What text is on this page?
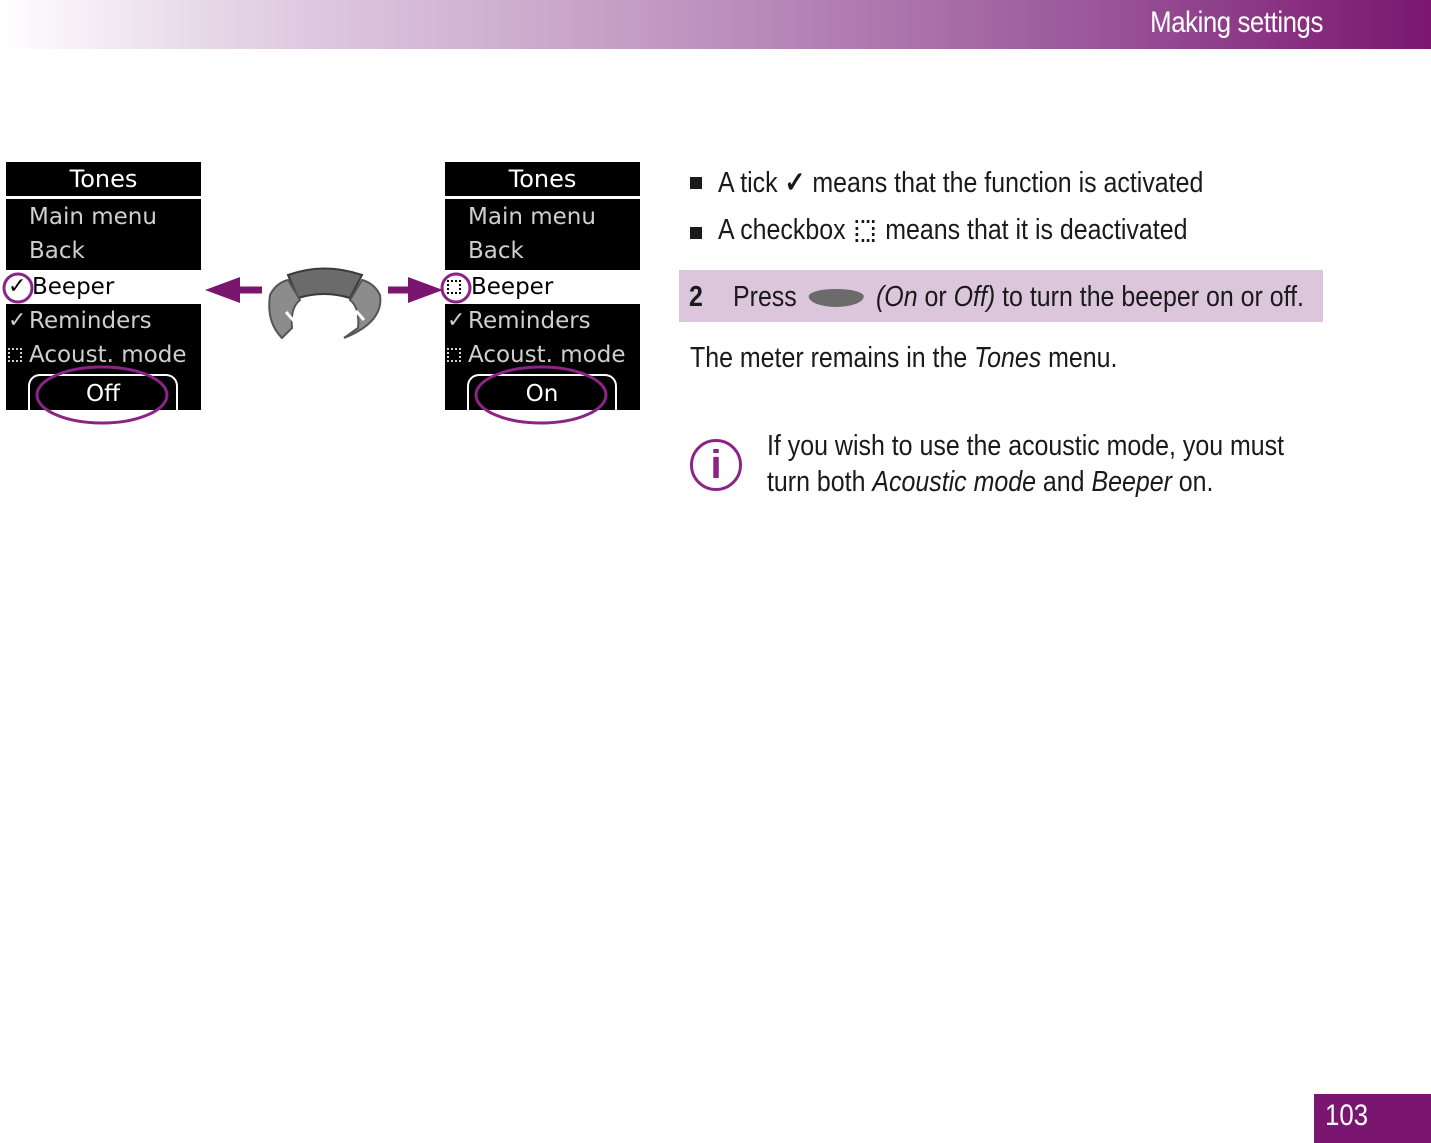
Making settings
Tones
Main menu
Back
✓ Beeper
✓ Reminders
Acoust. mode
Off
Tones
Main menu
Back
Beeper
✓ Reminders
Acoust. mode
On
A tick ✓ means that the function is activated
A checkbox means that it is deactivated
2 Press	(On or Off) to turn the beeper on or off.
The meter remains in the Tones menu.
i	If you wish to use the acoustic mode, you must
turn both Acoustic mode and Beeper on.
103
